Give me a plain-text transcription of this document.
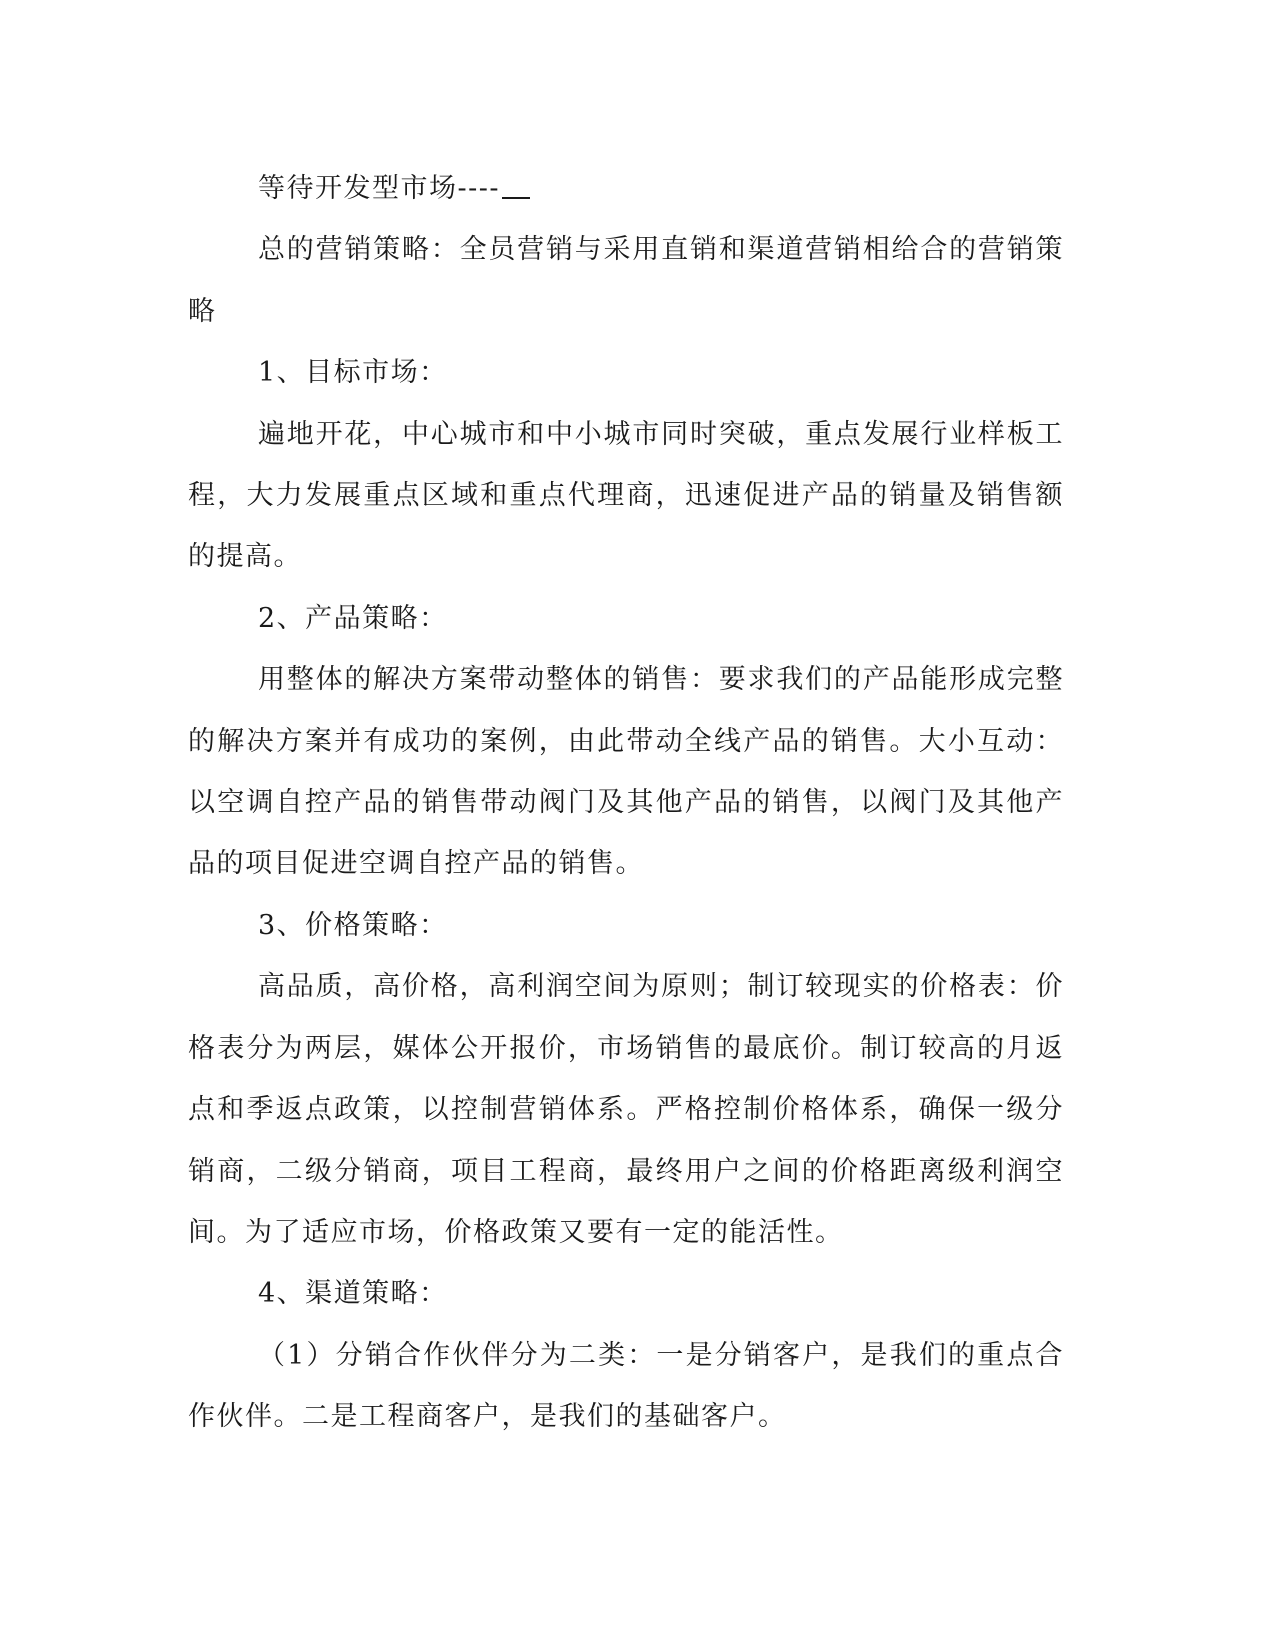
等待开发型市场----

总的营销策略：全员营销与采用直销和渠道营销相给合的营销策略

1、目标市场：

遍地开花，中心城市和中小城市同时突破，重点发展行业样板工程，大力发展重点区域和重点代理商，迅速促进产品的销量及销售额的提高。

2、产品策略：

用整体的解决方案带动整体的销售：要求我们的产品能形成完整的解决方案并有成功的案例，由此带动全线产品的销售。大小互动：以空调自控产品的销售带动阀门及其他产品的销售，以阀门及其他产品的项目促进空调自控产品的销售。

3、价格策略：

高品质，高价格，高利润空间为原则；制订较现实的价格表：价格表分为两层，媒体公开报价，市场销售的最底价。制订较高的月返点和季返点政策，以控制营销体系。严格控制价格体系，确保一级分销商，二级分销商，项目工程商，最终用户之间的价格距离级利润空间。为了适应市场，价格政策又要有一定的能活性。

4、渠道策略：

（1）分销合作伙伴分为二类：一是分销客户，是我们的重点合作伙伴。二是工程商客户，是我们的基础客户。
